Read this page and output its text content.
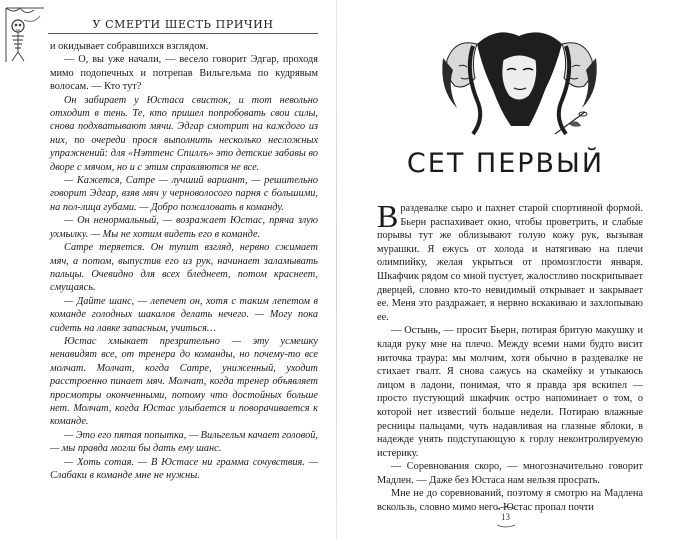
У СМЕРТИ ШЕСТЬ ПРИЧИН

и окидывает собравшихся взглядом.

— О, вы уже начали, — весело говорит Эдгар, проходя мимо подопечных и потрепав Вильгельма по кудрявым волосам. — Кто тут?

Он забирает у Юстаса свисток, и тот невольно отходит в тень. Те, кто пришел попробовать свои силы, снова подхватывают мячи. Эдгар смотрит на каждого из них, по очереди прося выполнить несколько несложных упражнений: для «Нэттенс Спиллъ» это детские забавы во дворе с мячом, но и с этим справляются не все.

— Кажется, Сатре — лучший вариант, — решительно говорит Эдгар, взяв мяч у черноволосого парня с большими, на пол-лица губами. — Добро пожаловать в команду.

— Он ненормальный, — возражает Юстас, пряча злую ухмылку. — Мы не хотим видеть его в команде.

Сатре теряется. Он тупит взгляд, нервно сжимает мяч, а потом, выпустив его из рук, начинает заламывать пальцы. Очевидно для всех бледнеет, потом краснеет, смущаясь.

— Дайте шанс, — лепечет он, хотя с таким лепетом в команде голодных шакалов делать нечего. — Могу пока сидеть на лавке запасным, учиться…

Юстас хмыкает презрительно — эту усмешку ненавидят все, от тренера до команды, но почему-то все молчат. Молчат, когда Сатре, униженный, уходит расстроенно пинает мяч. Молчат, когда тренер объявляет просмотры оконченными, потому что достойных больше нет. Молчат, когда Юстас улыбается и поворачивается к команде.

— Это его пятая попытка, — Вильгельм качает головой, — мы правда могли бы дать ему шанс.

— Хоть сотая. — В Юстасе ни грамма сочувствия. — Слабаки в команде мне не нужны.

СЕТ ПЕРВЫЙ

Враздевалке сыро и пахнет старой спортивной формой. Бьерн распахивает окно, чтобы проветрить, и слабые порывы тут же облизывают голую кожу рук, вызывая мурашки. Я ежусь от холода и натягиваю на плечи олимпийку, желая укрыться от промозглости января. Шкафчик рядом со мной пустует, жалостливо поскрипывает дверцей, словно кто-то невидимый открывает и закрывает ее. Меня это раздражает, я нервно вскакиваю и захлопываю ее.

— Остынь, — просит Бьерн, потирая бритую макушку и кладя руку мне на плечо. Между всеми нами будто висит ниточка траура: мы молчим, хотя обычно в раздевалке не стихает гвалт. Я снова сажусь на скамейку и утыкаюсь лицом в ладони, понимая, что я правда зря вскипел — просто пустующий шкафчик остро напоминает о том, о которой нет известий больше недели. Потираю влажные ресницы пальцами, чуть надавливая на глазные яблоки, в надежде унять подступающую к горлу неконтролируемую истерику.

— Соревнования скоро, — многозначительно говорит Мадлен. — Даже без Юстаса нам нельзя просрать.

Мне не до соревнований, поэтому я смотрю на Мадлена вскользь, словно мимо него. Юстас пропал почти

13
